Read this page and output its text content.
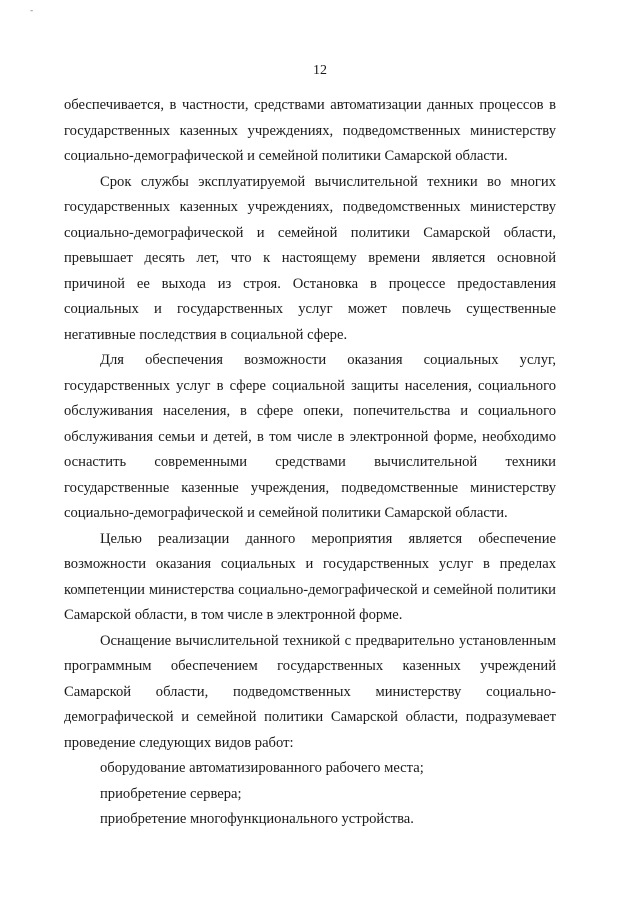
-
12

обеспечивается, в частности, средствами автоматизации данных процессов в государственных казенных учреждениях, подведомственных министерству социально-демографической и семейной политики Самарской области.

Срок службы эксплуатируемой вычислительной техники во многих государственных казенных учреждениях, подведомственных министерству социально-демографической и семейной политики Самарской области, превышает десять лет, что к настоящему времени является основной причиной ее выхода из строя. Остановка в процессе предоставления социальных и государственных услуг может повлечь существенные негативные последствия в социальной сфере.

Для обеспечения возможности оказания социальных услуг, государственных услуг в сфере социальной защиты населения, социального обслуживания населения, в сфере опеки, попечительства и социального обслуживания семьи и детей, в том числе в электронной форме, необходимо оснастить современными средствами вычислительной техники государственные казенные учреждения, подведомственные министерству социально-демографической и семейной политики Самарской области.

Целью реализации данного мероприятия является обеспечение возможности оказания социальных и государственных услуг в пределах компетенции министерства социально-демографической и семейной политики Самарской области, в том числе в электронной форме.

Оснащение вычислительной техникой с предварительно установленным программным обеспечением государственных казенных учреждений Самарской области, подведомственных министерству социально-демографической и семейной политики Самарской области, подразумевает проведение следующих видов работ:

оборудование автоматизированного рабочего места;

приобретение сервера;

приобретение многофункционального устройства.
